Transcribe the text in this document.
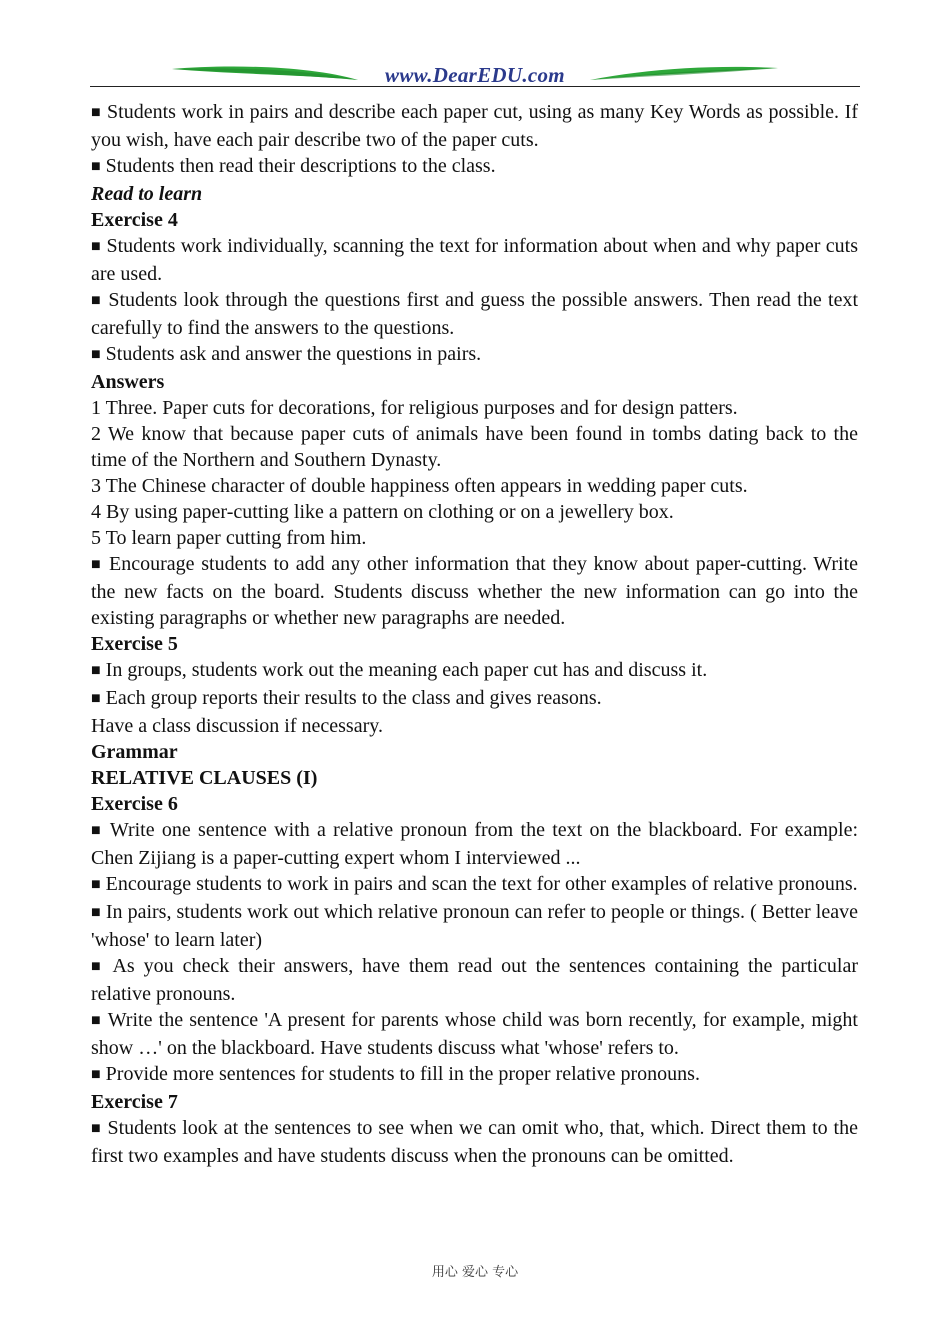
www.DearEDU.com

■ Students work in pairs and describe each paper cut, using as many Key Words as possible. If you wish, have each pair describe two of the paper cuts.

■ Students then read their descriptions to the class.

Read to learn

Exercise 4

■ Students work individually, scanning the text for information about when and why paper cuts are used.

■ Students look through the questions first and guess the possible answers. Then read the text carefully to find the answers to the questions.

■ Students ask and answer the questions in pairs.

Answers

1 Three. Paper cuts for decorations, for religious purposes and for design patters.

2 We know that because paper cuts of animals have been found in tombs dating back to the time of the Northern and Southern Dynasty.

3 The Chinese character of double happiness often appears in wedding paper cuts.

4 By using paper-cutting like a pattern on clothing or on a jewellery box.

5 To learn paper cutting from him.

■ Encourage students to add any other information that they know about paper-cutting. Write the new facts on the board. Students discuss whether the new information can go into the existing paragraphs or whether new paragraphs are needed.

Exercise 5

■ In groups, students work out the meaning each paper cut has and discuss it.

■ Each group reports their results to the class and gives reasons.

Have a class discussion if necessary.

Grammar

RELATIVE CLAUSES (I)

Exercise 6

■ Write one sentence with a relative pronoun from the text on the blackboard. For example: Chen Zijiang is a paper-cutting expert whom I interviewed ...

■ Encourage students to work in pairs and scan the text for other examples of relative pronouns.

■ In pairs, students work out which relative pronoun can refer to people or things. ( Better leave 'whose' to learn later)

■ As you check their answers, have them read out the sentences containing the particular relative pronouns.

■ Write the sentence 'A present for parents whose child was born recently, for example, might show …' on the blackboard. Have students discuss what 'whose' refers to.

■ Provide more sentences for students to fill in the proper relative pronouns.

Exercise 7

■ Students look at the sentences to see when we can omit who, that, which. Direct them to the first two examples and have students discuss when the pronouns can be omitted.

用心 爱心 专心
